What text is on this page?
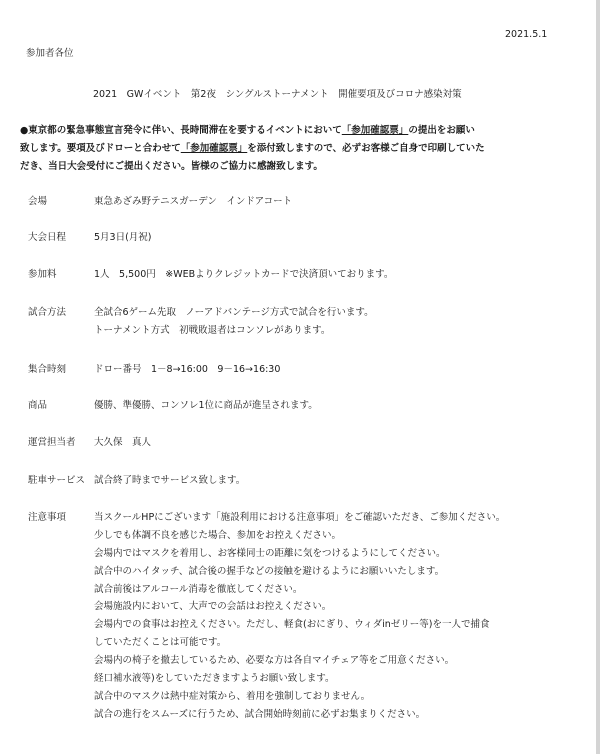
2021.5.1
参加者各位
2021　GWイベント　第2夜　シングルストーナメント　開催要項及びコロナ感染対策
●東京都の緊急事態宣言発令に伴い、長時間滞在を要するイベントにおいて「参加確認票」の提出をお願い
致します。要項及びドローと合わせて「参加確認票」を添付致しますので、必ずお客様ご自身で印刷していた
だき、当日大会受付にご提出ください。皆様のご協力に感謝致します。
会場	東急あざみ野テニスガーデン　インドアコート
大会日程	5月3日(月祝)
参加料	1人　5,500円　※WEBよりクレジットカードで決済頂いております。
試合方法	全試合6ゲーム先取　ノーアドバンテージ方式で試合を行います。
トーナメント方式　初戦敗退者はコンソレがあります。
集合時刻	ドロー番号　1－8→16:00　9－16→16:30
商品	優勝、準優勝、コンソレ1位に商品が進呈されます。
運営担当者 大久保　真人
駐車サービス 試合終了時までサービス致します。
注意事項	当スクールHPにございます「施設利用における注意事項」をご確認いただき、ご参加ください。
少しでも体調不良を感じた場合、参加をお控えください。
会場内ではマスクを着用し、お客様同士の距離に気をつけるようにしてください。
試合中のハイタッチ、試合後の握手などの接触を避けるようにお願いいたします。
試合前後はアルコール消毒を徹底してください。
会場施設内において、大声での会話はお控えください。
会場内での食事はお控えください。ただし、軽食(おにぎり、ウィダinゼリー等)を一人で捕食
していただくことは可能です。
会場内の椅子を撤去しているため、必要な方は各自マイチェア等をご用意ください。
経口補水液等)をしていただきますようお願い致します。
試合中のマスクは熱中症対策から、着用を強制しておりません。
試合の進行をスムーズに行うため、試合開始時刻前に必ずお集まりください。
